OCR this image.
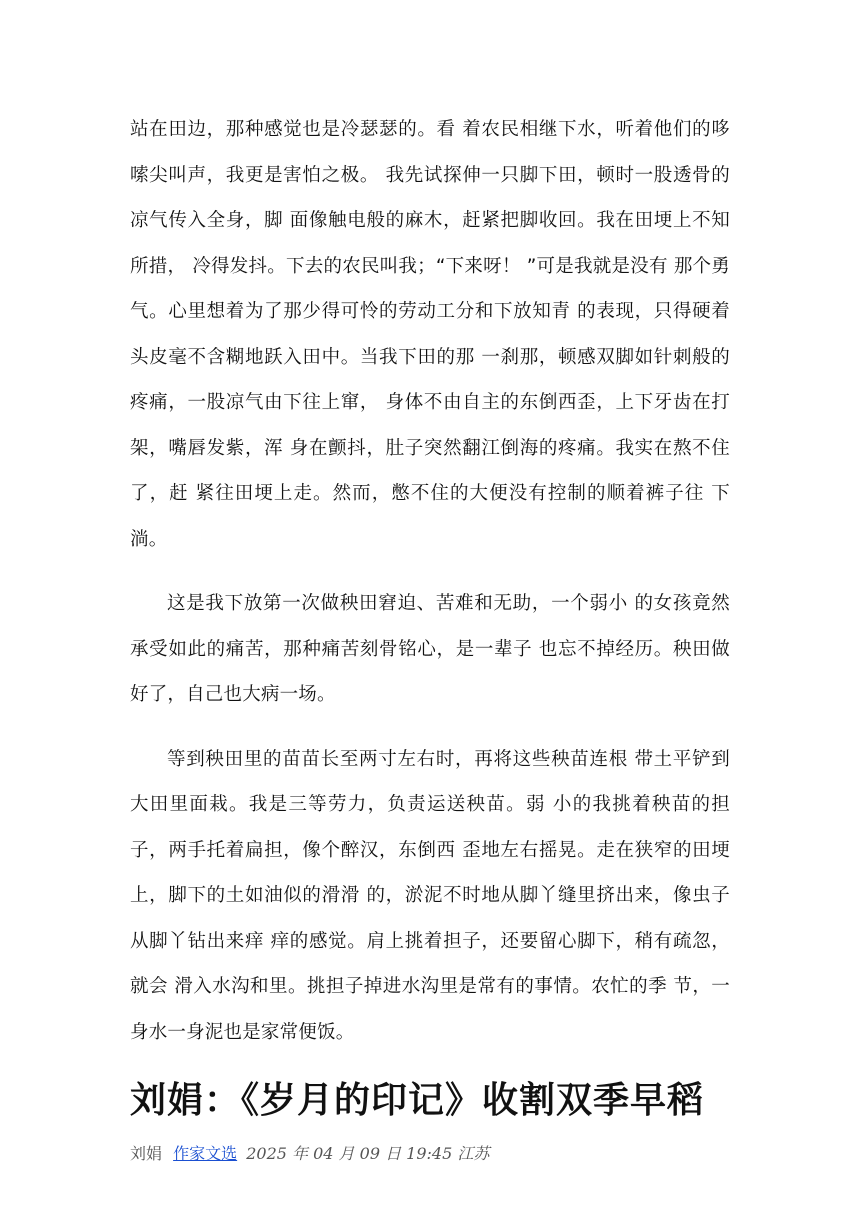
站在田边，那种感觉也是冷瑟瑟的。看 着农民相继下水，听着他们的哆嗦尖叫声，我更是害怕之极。 我先试探伸一只脚下田，顿时一股透骨的凉气传入全身，脚 面像触电般的麻木，赶紧把脚收回。我在田埂上不知所措， 冷得发抖。下去的农民叫我；“下来呀！ ”可是我就是没有 那个勇气。心里想着为了那少得可怜的劳动工分和下放知青 的表现，只得硬着头皮毫不含糊地跃入田中。当我下田的那 一刹那，顿感双脚如针刺般的疼痛，一股凉气由下往上窜， 身体不由自主的东倒西歪，上下牙齿在打架，嘴唇发紫，浑 身在颤抖，肚子突然翻江倒海的疼痛。我实在熬不住了，赶 紧往田埂上走。然而，憋不住的大便没有控制的顺着裤子往 下淌。

这是我下放第一次做秧田窘迫、苦难和无助，一个弱小 的女孩竟然承受如此的痛苦，那种痛苦刻骨铭心，是一辈子 也忘不掉经历。秧田做好了，自己也大病一场。

等到秧田里的苗苗长至两寸左右时，再将这些秧苗连根 带土平铲到大田里面栽。我是三等劳力，负责运送秧苗。弱 小的我挑着秧苗的担子，两手托着扁担，像个醉汉，东倒西 歪地左右摇晃。走在狭窄的田埂上，脚下的土如油似的滑滑 的，淤泥不时地从脚丫缝里挤出来，像虫子从脚丫钻出来痒 痒的感觉。肩上挑着担子，还要留心脚下，稍有疏忽，就会 滑入水沟和里。挑担子掉进水沟里是常有的事情。农忙的季 节，一身水一身泥也是家常便饭。

刘娟：《岁月的印记》收割双季早稻
刘娟 作家文选 2025 年 04 月 09 日 19:45 江苏
